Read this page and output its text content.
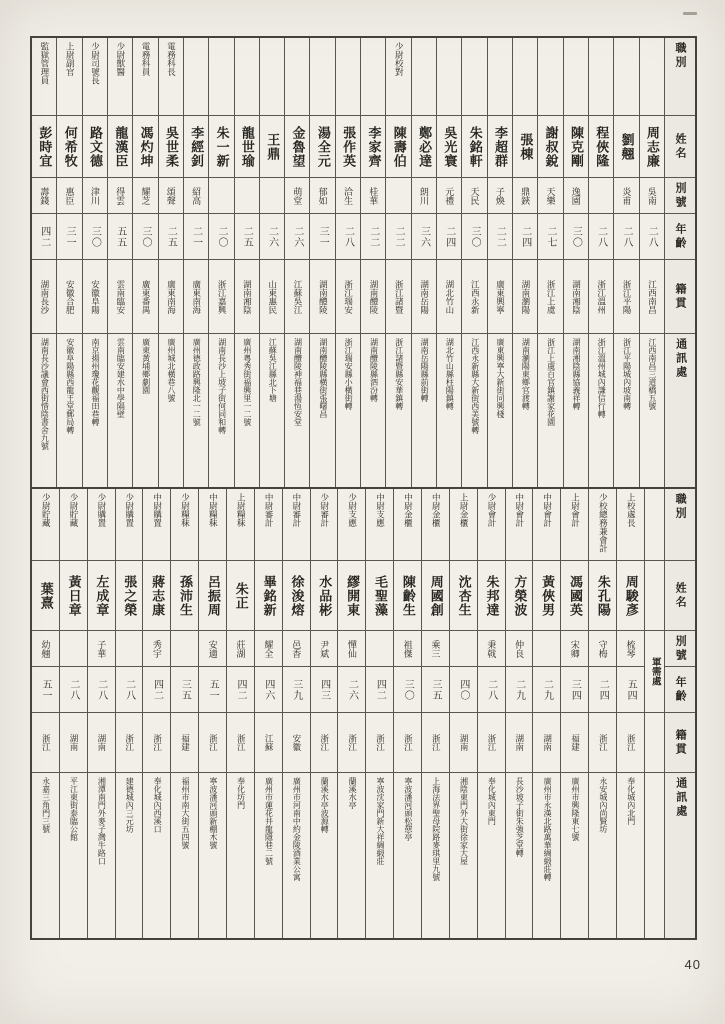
監獄管理員
彭時宜
壽錢
四二
湖南長沙
湖南長沙議會西街惜陰書舍九號
上尉副官
何希牧
惠臣
三一
安徽合肥
安徽阜陽縣西龍王堂郵局轉
少尉司號長
路文德
津川
三〇
安徽阜陽
南京揚州瓊花觀福田巷轉
少尉獸醫
龍漢臣
得雲
五五
雲南臨安
雲南臨安建水中學隔壁
電務科員
馮灼坤
耀芝
三〇
廣東番禺
廣東黃埔鄉劇園
電務科長
吳世柔
頌聲
二五
廣東南海
廣州城北橫巷八號
李經釗
紹高
二一
廣東南海
廣州德政路興隆北一二號
朱一新
二〇
浙江嘉興
湖南長沙上坡子街何同和轉
龍世瑜
二五
湖南湘陰
廣州粵秀街福興里一二號
王鼎
二六
山東惠民
江蘇吳江縣北下塘
金魯望
萌堂
二六
江蘇吳江
湖南醴陵神福巷湯恆安堂
湯全元
郁如
三一
湖南醴陵
湖南醴陵縣橫街張曙昌
張作英
洽生
二八
浙江瑞安
浙江瑞安縣小橫街轉
李家齊
桂華
二二
湖南醴陵
湖南醴陵縣泗汾轉
少尉校對
陳壽伯
二二
浙江諸暨
浙江諸暨縣安華鎮轉
鄭必達
朗川
三六
湖南岳陽
湖南岳陽縣前街轉
吳光寰
元禮
二四
湖北竹山
湖北竹山縣柱陽鎮轉
朱銘軒
天民
三〇
江西永新
江西永新縣大新街西美號轉
李超群
子煥
二二
廣東興寧
廣東興寧大新街同興棧
張棟
鼎鋏
二四
湖南瀏陽
湖南瀏陽東鄉官渡轉
謝叔銳
天樂
二七
浙江上虞
浙江上虞百官鎮謝家花園
陳克剛
逸園
三〇
湖南湘陰
湖南湘陰縣協義祥轉
程俠隆
二八
浙江溫州
浙江溫州城內謙信行轉
劉翹
炎甫
二八
浙江平陽
浙江平陽城內坡南轉
周志廉
吳南
二八
江西南昌
江西南昌三道橋五號
職別
姓名
別號
年齡
籍貫
通訊處
少尉貯藏
葉熹
幼翹
五一
浙江
永嘉三角門三號
少尉貯藏
黃日章
二八
湖南
平江東街泰臨公館
少尉購置
左成章
子華
二八
湖南
湘潭南門外麥子灣牛路口
少尉購置
張之榮
二八
浙江
建德城內三元坊
中尉購置
蔣志康
秀宇
四二
浙江
奉化城內西溪口
少尉糧秣
孫沛生
三五
福建
福州市南大街五四號
中尉糧秣
呂振周
安適
五一
浙江
寧波潘河頭新棚木號
上尉糧秣
朱正
莊湖
四二
浙江
奉化坊門
中尉審計
畢銘新
耀全
四六
江蘇
廣州市蓮花井龍隱巷二號
中尉審計
徐浚熔
邑香
三九
安徽
廣州市河南中約金陵酒業公寓
少尉審計
水品彬
尹斌
四三
浙江
蘭溪水亭波源轉
少尉支應
繆開東
憚仙
二六
浙江
蘭溪水亭
中尉支應
毛聖藻
四二
浙江
寧波沈家門新大祥綢緞莊
中尉金櫃
陳齡生
祖傑
三〇
浙江
寧波潘河頭松憇亭
中尉金櫃
周國創
乘三
三五
浙江
上海法界聖母院路麥琪里九號
上尉金櫃
沈杏生
四〇
湖南
湘陰東門外大街徐家大屋
少尉會計
朱邦達
秉戟
二八
浙江
奉化城內東門
中尉會計
方榮波
仲良
二九
湖南
長沙坡子街朱強芝堂轉
中尉會計
黃俠男
二九
湖南
廣州市永漢北路萬華綢緞莊轉
上尉會計
馮國英
宋卿
三四
福建
廣州市興隆東七號
少校總務兼會計
朱孔陽
守梅
二四
浙江
永安城內尚賢坊
上校處長
周駿彥
梳琴
五四
浙江
奉化城內北門
軍需處
職別
姓名
別號
年齡
籍貫
通訊處
40
